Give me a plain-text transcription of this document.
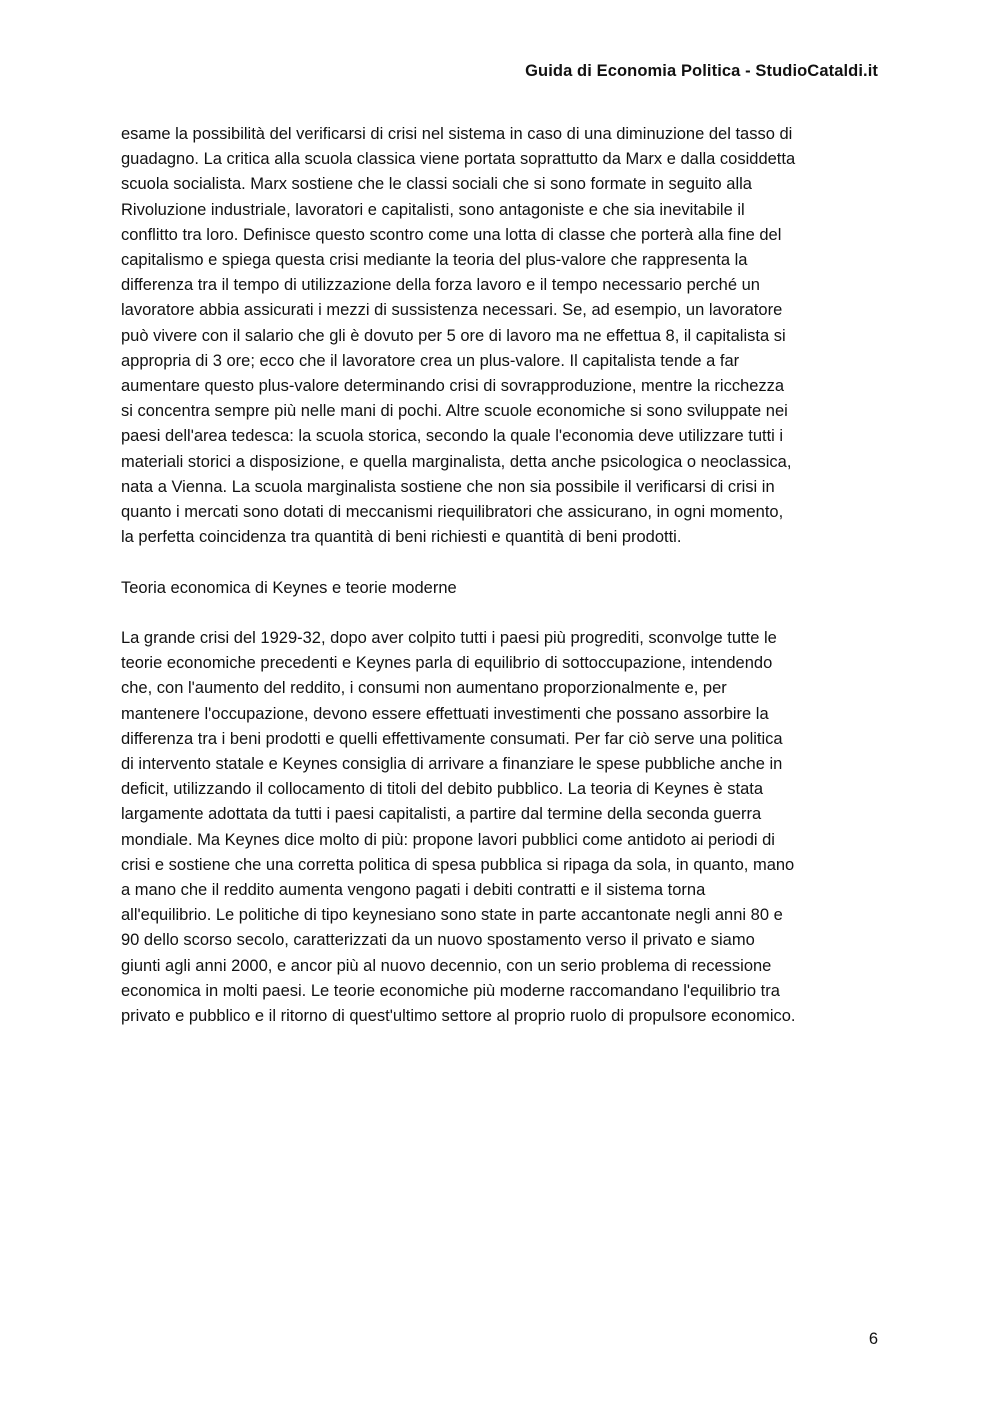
Guida di Economia Politica - StudioCataldi.it

esame la possibilità del verificarsi di crisi nel sistema in caso di una diminuzione del tasso di
guadagno. La critica alla scuola classica viene portata soprattutto da Marx e dalla cosiddetta
scuola socialista. Marx sostiene che le classi sociali che si sono formate in seguito alla
Rivoluzione industriale, lavoratori e capitalisti, sono antagoniste e che sia inevitabile il
conflitto tra loro. Definisce questo scontro come una lotta di classe che porterà alla fine del
capitalismo e spiega questa crisi mediante la teoria del plus-valore che rappresenta la
differenza tra il tempo di utilizzazione della forza lavoro e il tempo necessario perché un
lavoratore abbia assicurati i mezzi di sussistenza necessari. Se, ad esempio, un lavoratore
può vivere con il salario che gli è dovuto per 5 ore di lavoro ma ne effettua 8, il capitalista si
appropria di 3 ore; ecco che il lavoratore crea un plus-valore. Il capitalista tende a far
aumentare questo plus-valore determinando crisi di sovrapproduzione, mentre la ricchezza
si concentra sempre più nelle mani di pochi. Altre scuole economiche si sono sviluppate nei
paesi dell'area tedesca: la scuola storica, secondo la quale l'economia deve utilizzare tutti i
materiali storici a disposizione, e quella marginalista, detta anche psicologica o neoclassica,
nata a Vienna. La scuola marginalista sostiene che non sia possibile il verificarsi di crisi in
quanto i mercati sono dotati di meccanismi riequilibratori che assicurano, in ogni momento,
la perfetta coincidenza tra quantità di beni richiesti e quantità di beni prodotti.

Teoria economica di Keynes e teorie moderne

La grande crisi del 1929-32, dopo aver colpito tutti i paesi più progrediti, sconvolge tutte le
teorie economiche precedenti e Keynes parla di equilibrio di sottoccupazione, intendendo
che, con l'aumento del reddito, i consumi non aumentano proporzionalmente e, per
mantenere l'occupazione, devono essere effettuati investimenti che possano assorbire la
differenza tra i beni prodotti e quelli effettivamente consumati. Per far ciò serve una politica
di intervento statale e Keynes consiglia di arrivare a finanziare le spese pubbliche anche in
deficit, utilizzando il collocamento di titoli del debito pubblico. La teoria di Keynes è stata
largamente adottata da tutti i paesi capitalisti, a partire dal termine della seconda guerra
mondiale. Ma Keynes dice molto di più: propone lavori pubblici come antidoto ai periodi di
crisi e sostiene che una corretta politica di spesa pubblica si ripaga da sola, in quanto, mano
a mano che il reddito aumenta vengono pagati i debiti contratti e il sistema torna
all'equilibrio. Le politiche di tipo keynesiano sono state in parte accantonate negli anni 80 e
90 dello scorso secolo, caratterizzati da un nuovo spostamento verso il privato e siamo
giunti agli anni 2000, e ancor più al nuovo decennio, con un serio problema di recessione
economica in molti paesi. Le teorie economiche più moderne raccomandano l'equilibrio tra
privato e pubblico e il ritorno di quest'ultimo settore al proprio ruolo di propulsore economico.

6
